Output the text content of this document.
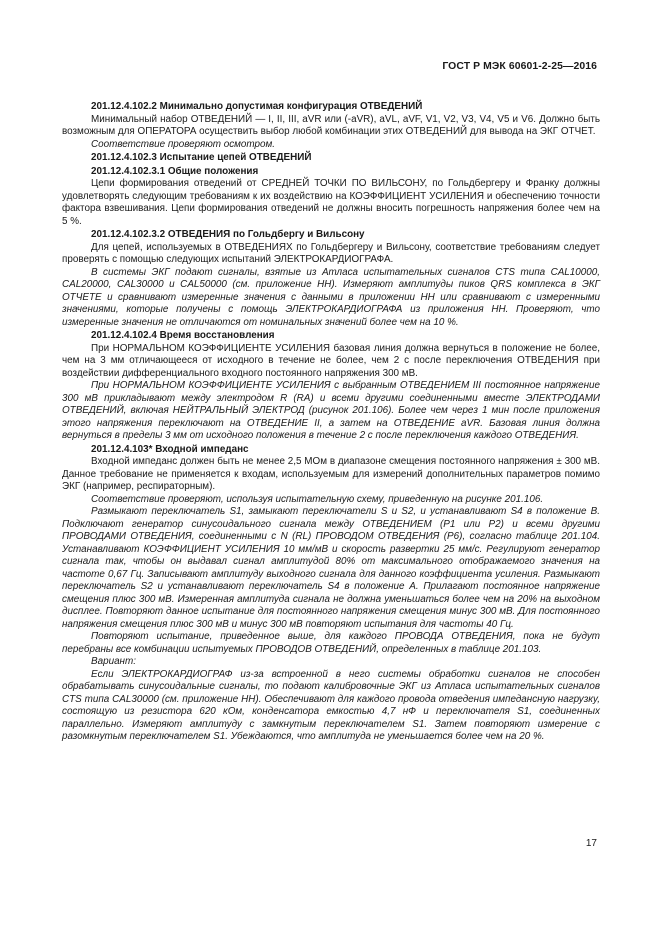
ГОСТ Р МЭК 60601-2-25—2016

201.12.4.102.2 Минимально допустимая конфигурация ОТВЕДЕНИЙ

Минимальный набор ОТВЕДЕНИЙ — I, II, III, aVR или (-aVR), aVL, aVF, V1, V2, V3, V4, V5 и V6. Должно быть возможным для ОПЕРАТОРА осуществить выбор любой комбинации этих ОТВЕДЕНИЙ для вывода на ЭКГ ОТЧЕТ.

Соответствие проверяют осмотром.

201.12.4.102.3 Испытание цепей ОТВЕДЕНИЙ

201.12.4.102.3.1 Общие положения

Цепи формирования отведений от СРЕДНЕЙ ТОЧКИ ПО ВИЛЬСОНУ, по Гольдбергеру и Франку должны удовлетворять следующим требованиям к их воздействию на КОЭФФИЦИЕНТ УСИЛЕНИЯ и обеспечению точности фактора взвешивания. Цепи формирования отведений не должны вносить погрешность напряжения более чем на 5 %.

201.12.4.102.3.2 ОТВЕДЕНИЯ по Гольдбергу и Вильсону

Для цепей, используемых в ОТВЕДЕНИЯХ по Гольдбергеру и Вильсону, соответствие требованиям следует проверять с помощью следующих испытаний ЭЛЕКТРОКАРДИОГРАФА.

В системы ЭКГ подают сигналы, взятые из Атласа испытательных сигналов CTS типа CAL10000, CAL20000, CAL30000 и CAL50000 (см. приложение НН). Измеряют амплитуды пиков QRS комплекса в ЭКГ ОТЧЕТЕ и сравнивают измеренные значения с данными в приложении НН или сравнивают с измеренными значениями, которые получены с помощь ЭЛЕКТРОКАРДИОГРАФА из приложения НН. Проверяют, что измеренные значения не отличаются от номинальных значений более чем на 10 %.

201.12.4.102.4 Время восстановления

При НОРМАЛЬНОМ КОЭФФИЦИЕНТЕ УСИЛЕНИЯ базовая линия должна вернуться в положение не более, чем на 3 мм отличающееся от исходного в течение не более, чем 2 с после переключения ОТВЕДЕНИЯ при воздействии дифференциального входного постоянного напряжения 300 мВ.

При НОРМАЛЬНОМ КОЭФФИЦИЕНТЕ УСИЛЕНИЯ с выбранным ОТВЕДЕНИЕМ III постоянное напряжение 300 мВ прикладывают между электродом R (RA) и всеми другими соединенными вместе ЭЛЕКТРОДАМИ ОТВЕДЕНИЙ, включая НЕЙТРАЛЬНЫЙ ЭЛЕКТРОД (рисунок 201.106). Более чем через 1 мин после приложения этого напряжения переключают на ОТВЕДЕНИЕ II, а затем на ОТВЕДЕНИЕ aVR. Базовая линия должна вернуться в пределы 3 мм от исходного положения в течение 2 с после переключения каждого ОТВЕДЕНИЯ.

201.12.4.103* Входной импеданс

Входной импеданс должен быть не менее 2,5 МОм в диапазоне смещения постоянного напряжения ± 300 мВ. Данное требование не применяется к входам, используемым для измерений дополнительных параметров помимо ЭКГ (например, респираторным).

Соответствие проверяют, используя испытательную схему, приведенную на рисунке 201.106.

Размыкают переключатель S1, замыкают переключатели S и S2, и устанавливают S4 в положение B. Подключают генератор синусоидального сигнала между ОТВЕДЕНИЕМ (P1 или P2) и всеми другими ПРОВОДАМИ ОТВЕДЕНИЯ, соединенными с N (RL) ПРОВОДОМ ОТВЕДЕНИЯ (P6), согласно таблице 201.104. Устанавливают КОЭФФИЦИЕНТ УСИЛЕНИЯ 10 мм/мВ и скорость развертки 25 мм/с. Регулируют генератор сигнала так, чтобы он выдавал сигнал амплитудой 80% от максимального отображаемого значения на частоте 0,67 Гц. Записывают амплитуду выходного сигнала для данного коэффициента усиления. Размыкают переключатель S2 и устанавливают переключатель S4 в положение A. Прилагают постоянное напряжение смещения плюс 300 мВ. Измеренная амплитуда сигнала не должна уменьшаться более чем на 20% на выходном дисплее. Повторяют данное испытание для постоянного напряжения смещения минус 300 мВ. Для постоянного напряжения смещения плюс 300 мВ и минус 300 мВ повторяют испытания для частоты 40 Гц.

Повторяют испытание, приведенное выше, для каждого ПРОВОДА ОТВЕДЕНИЯ, пока не будут перебраны все комбинации испытуемых ПРОВОДОВ ОТВЕДЕНИЙ, определенных в таблице 201.103.

Вариант:

Если ЭЛЕКТРОКАРДИОГРАФ из-за встроенной в него системы обработки сигналов не способен обрабатывать синусоидальные сигналы, то подают калибровочные ЭКГ из Атласа испытательных сигналов CTS типа CAL30000 (см. приложение НН). Обеспечивают для каждого провода отведения импедансную нагрузку, состоящую из резистора 620 кОм, конденсатора емкостью 4,7 нФ и переключателя S1, соединенных параллельно. Измеряют амплитуду с замкнутым переключателем S1. Затем повторяют измерение с разомкнутым переключателем S1. Убеждаются, что амплитуда не уменьшается более чем на 20 %.

17
